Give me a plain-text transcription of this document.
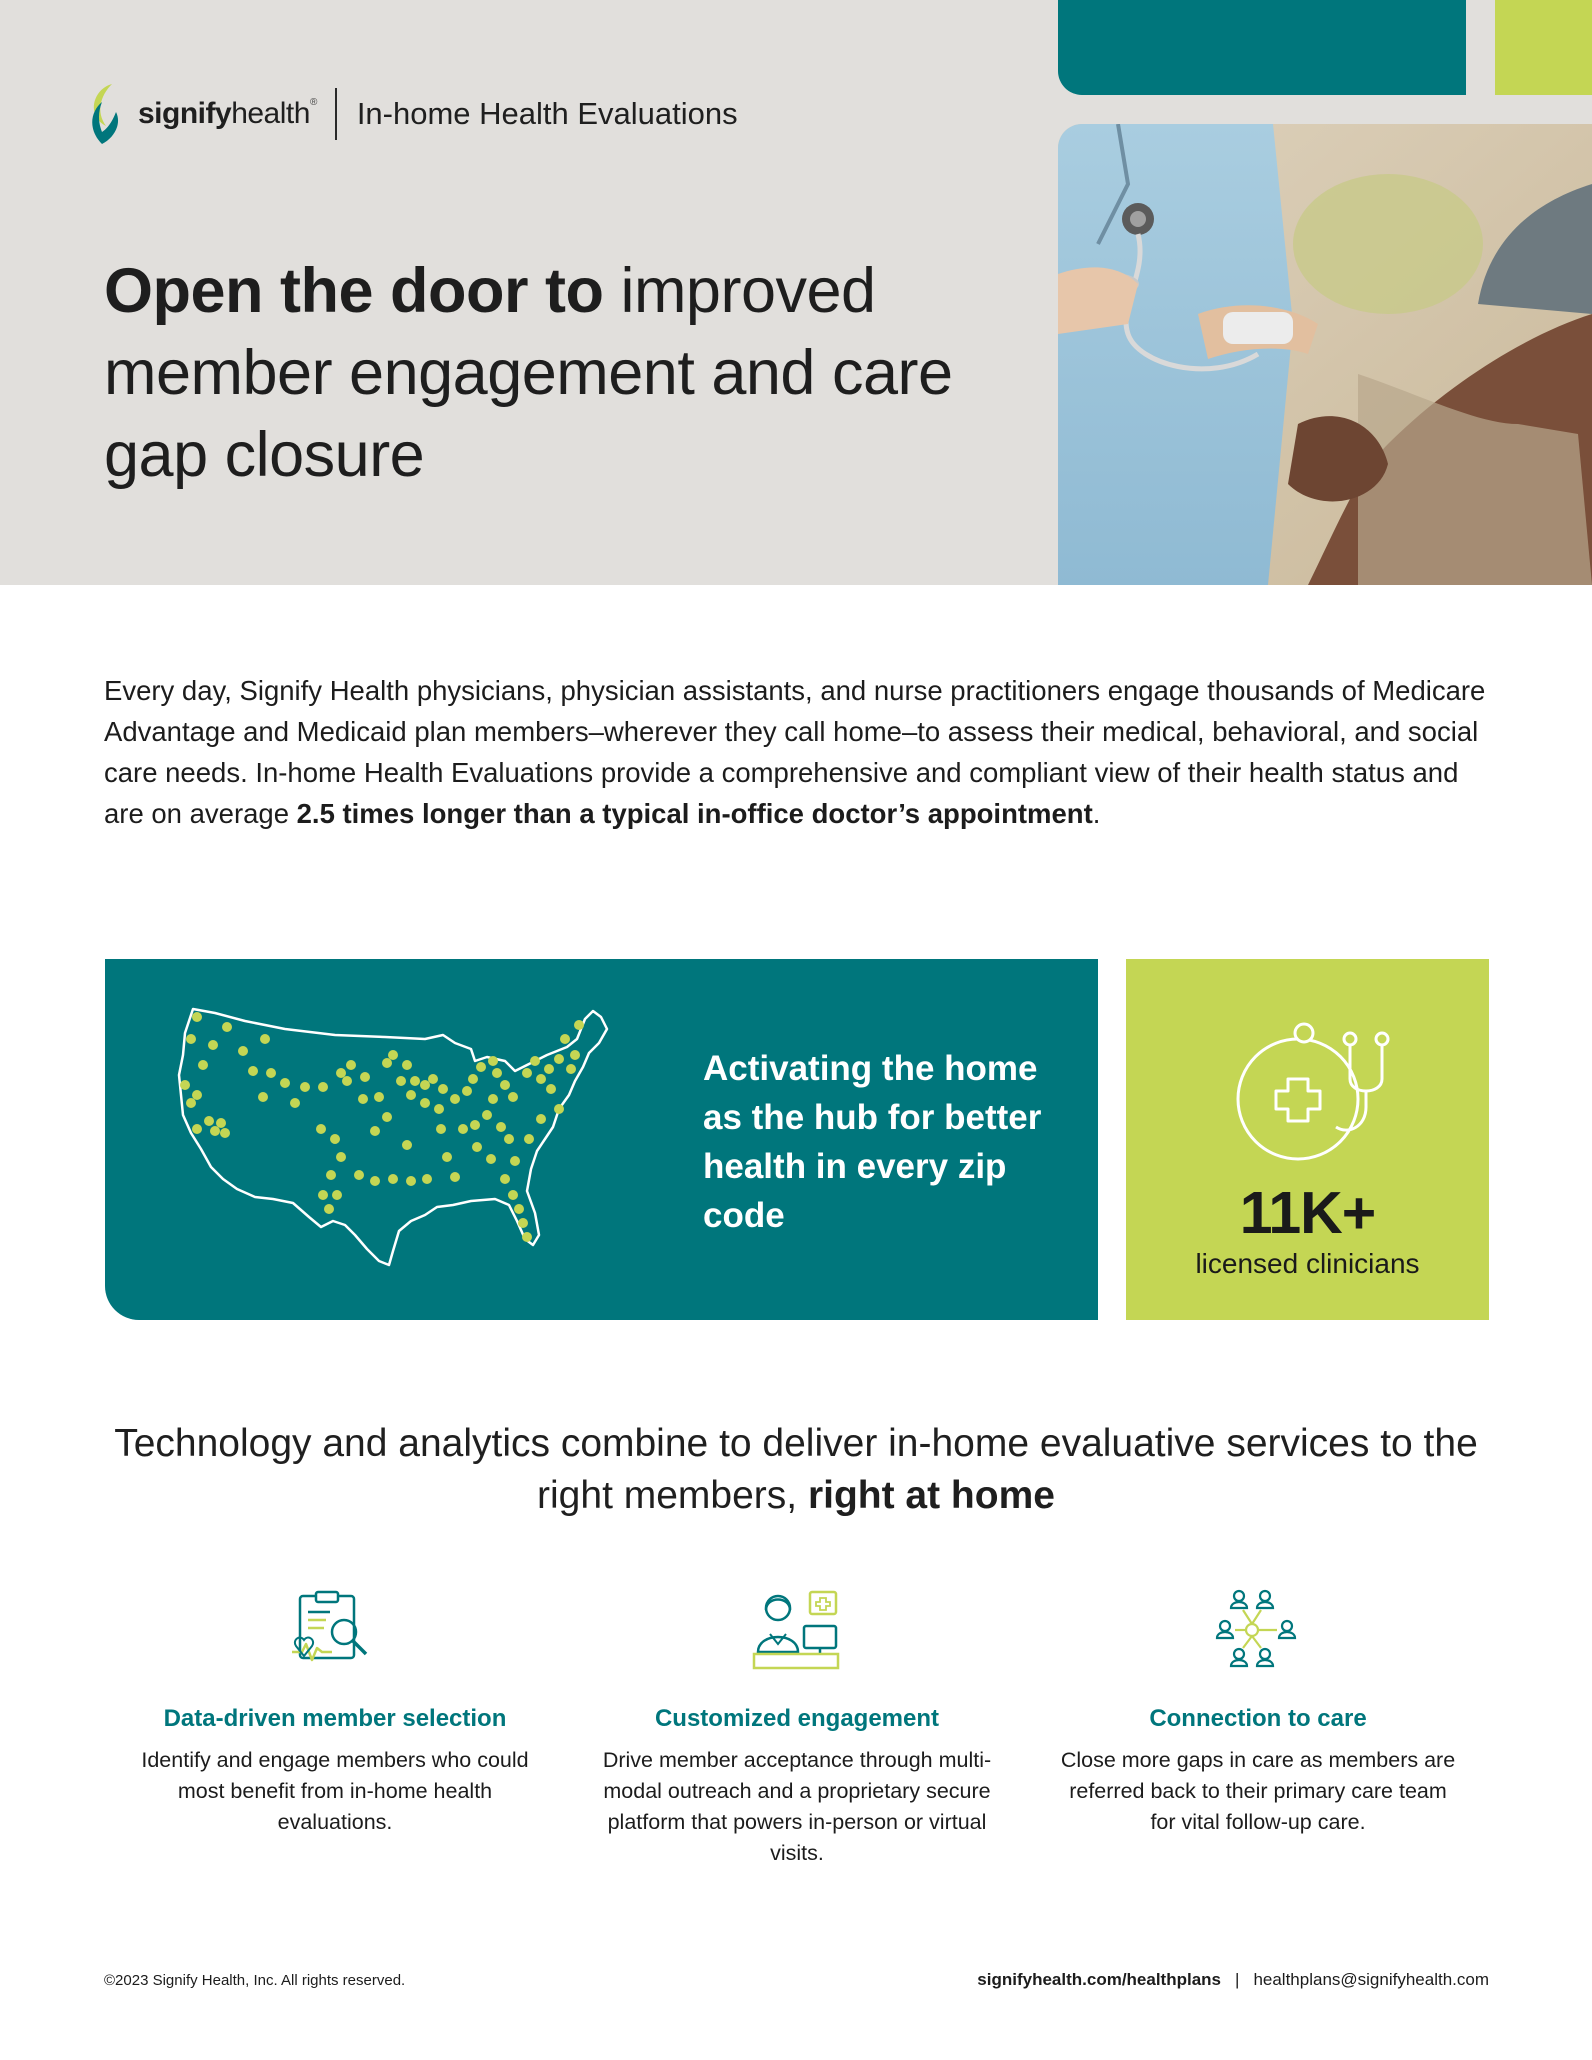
signifyhealth® In-home Health Evaluations
Open the door to improved member engagement and care gap closure

Every day, Signify Health physicians, physician assistants, and nurse practitioners engage thousands of Medicare Advantage and Medicaid plan members–wherever they call home–to assess their medical, behavioral, and social care needs. In-home Health Evaluations provide a comprehensive and compliant view of their health status and are on average 2.5 times longer than a typical in-office doctor’s appointment.

Activating the home as the hub for better health in every zip code	11K+
licensed clinicians

Technology and analytics combine to deliver in-home evaluative services to the right members, right at home

Data-driven member selection
Identify and engage members who could most benefit from in-home health evaluations.
Customized engagement
Drive member acceptance through multi-modal outreach and a proprietary secure platform that powers in-person or virtual visits.
Connection to care
Close more gaps in care as members are referred back to their primary care team for vital follow-up care.
©2023 Signify Health, Inc. All rights reserved.	signifyhealth.com/healthplans | healthplans@signifyhealth.com
